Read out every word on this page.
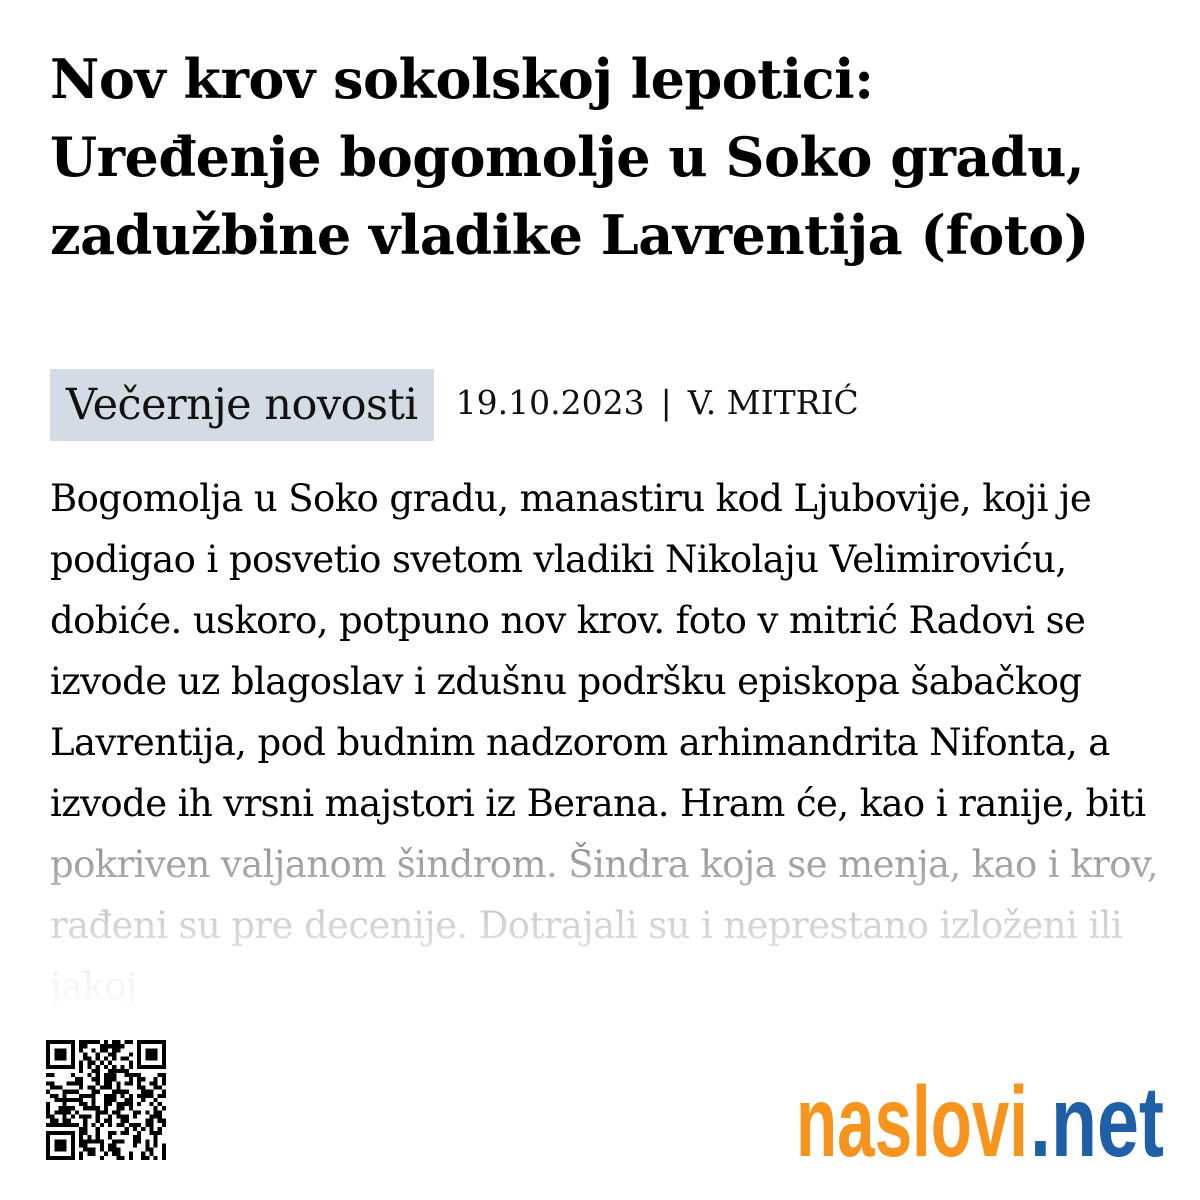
Nov krov sokolskoj lepotici: Uređenje bogomolje u Soko gradu, zadužbine vladike Lavrentija (foto)
Večernje novosti	19.10.2023 | V. MITRIĆ

Bogomolja u Soko gradu, manastiru kod Ljubovije, koji je podigao i posvetio svetom vladiki Nikolaju Velimiroviću, dobiće. uskoro, potpuno nov krov. foto v mitrić Radovi se izvode uz blagoslav i zdušnu podršku episkopa šabačkog Lavrentija, pod budnim nadzorom arhimandrita Nifonta, a izvode ih vrsni majstori iz Berana. Hram će, kao i ranije, biti

naslovi .net
